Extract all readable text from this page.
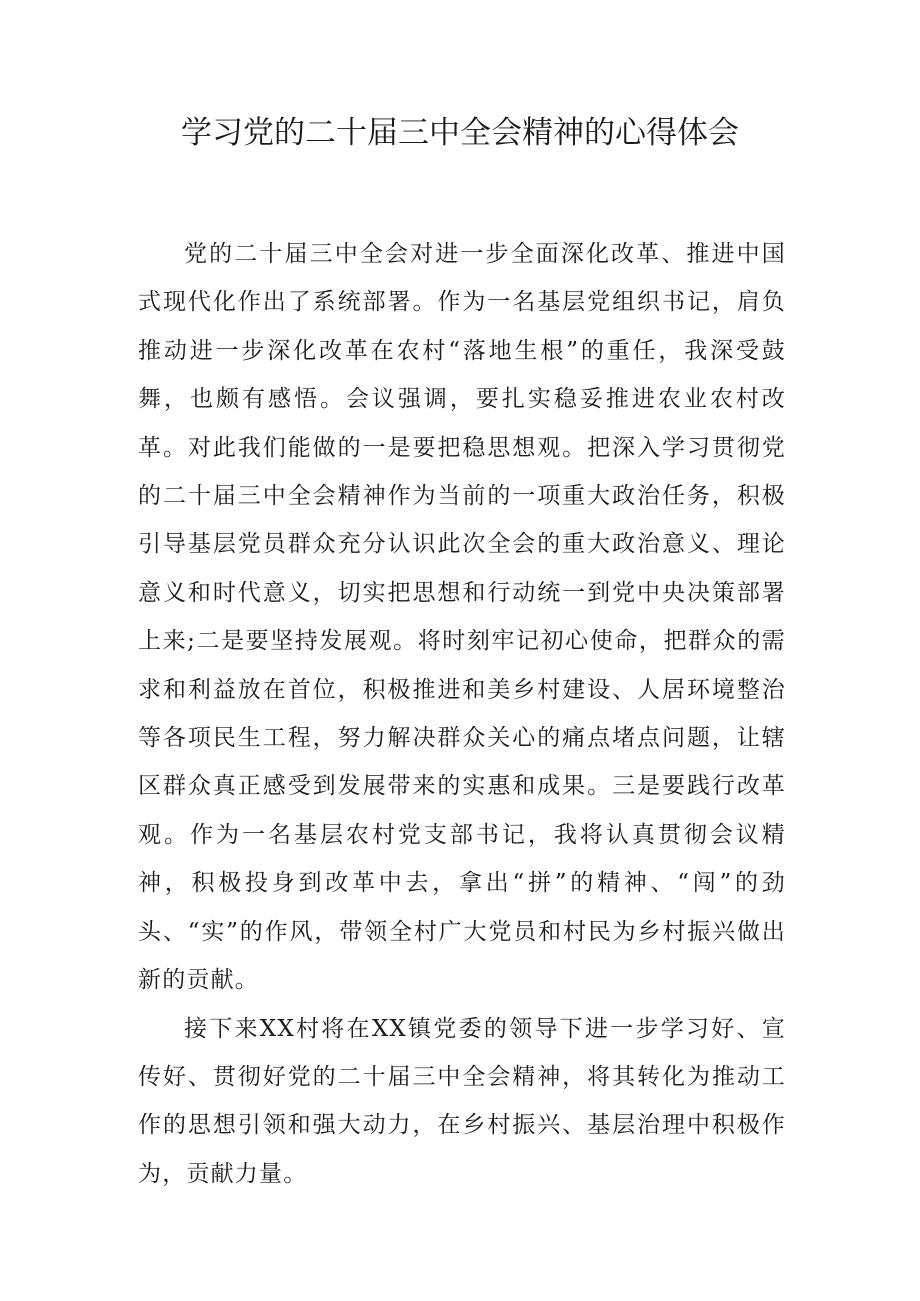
学习党的二十届三中全会精神的心得体会

党的二十届三中全会对进一步全面深化改革、推进中国式现代化作出了系统部署。作为一名基层党组织书记，肩负推动进一步深化改革在农村“落地生根”的重任，我深受鼓舞，也颇有感悟。会议强调，要扎实稳妥推进农业农村改革。对此我们能做的一是要把稳思想观。把深入学习贯彻党的二十届三中全会精神作为当前的一项重大政治任务，积极引导基层党员群众充分认识此次全会的重大政治意义、理论意义和时代意义，切实把思想和行动统一到党中央决策部署上来;二是要坚持发展观。将时刻牢记初心使命，把群众的需求和利益放在首位，积极推进和美乡村建设、人居环境整治等各项民生工程，努力解决群众关心的痛点堵点问题，让辖区群众真正感受到发展带来的实惠和成果。三是要践行改革观。作为一名基层农村党支部书记，我将认真贯彻会议精神，积极投身到改革中去，拿出“拼”的精神、“闯”的劲头、“实”的作风，带领全村广大党员和村民为乡村振兴做出新的贡献。

接下来XX村将在XX镇党委的领导下进一步学习好、宣传好、贯彻好党的二十届三中全会精神，将其转化为推动工作的思想引领和强大动力，在乡村振兴、基层治理中积极作为，贡献力量。
